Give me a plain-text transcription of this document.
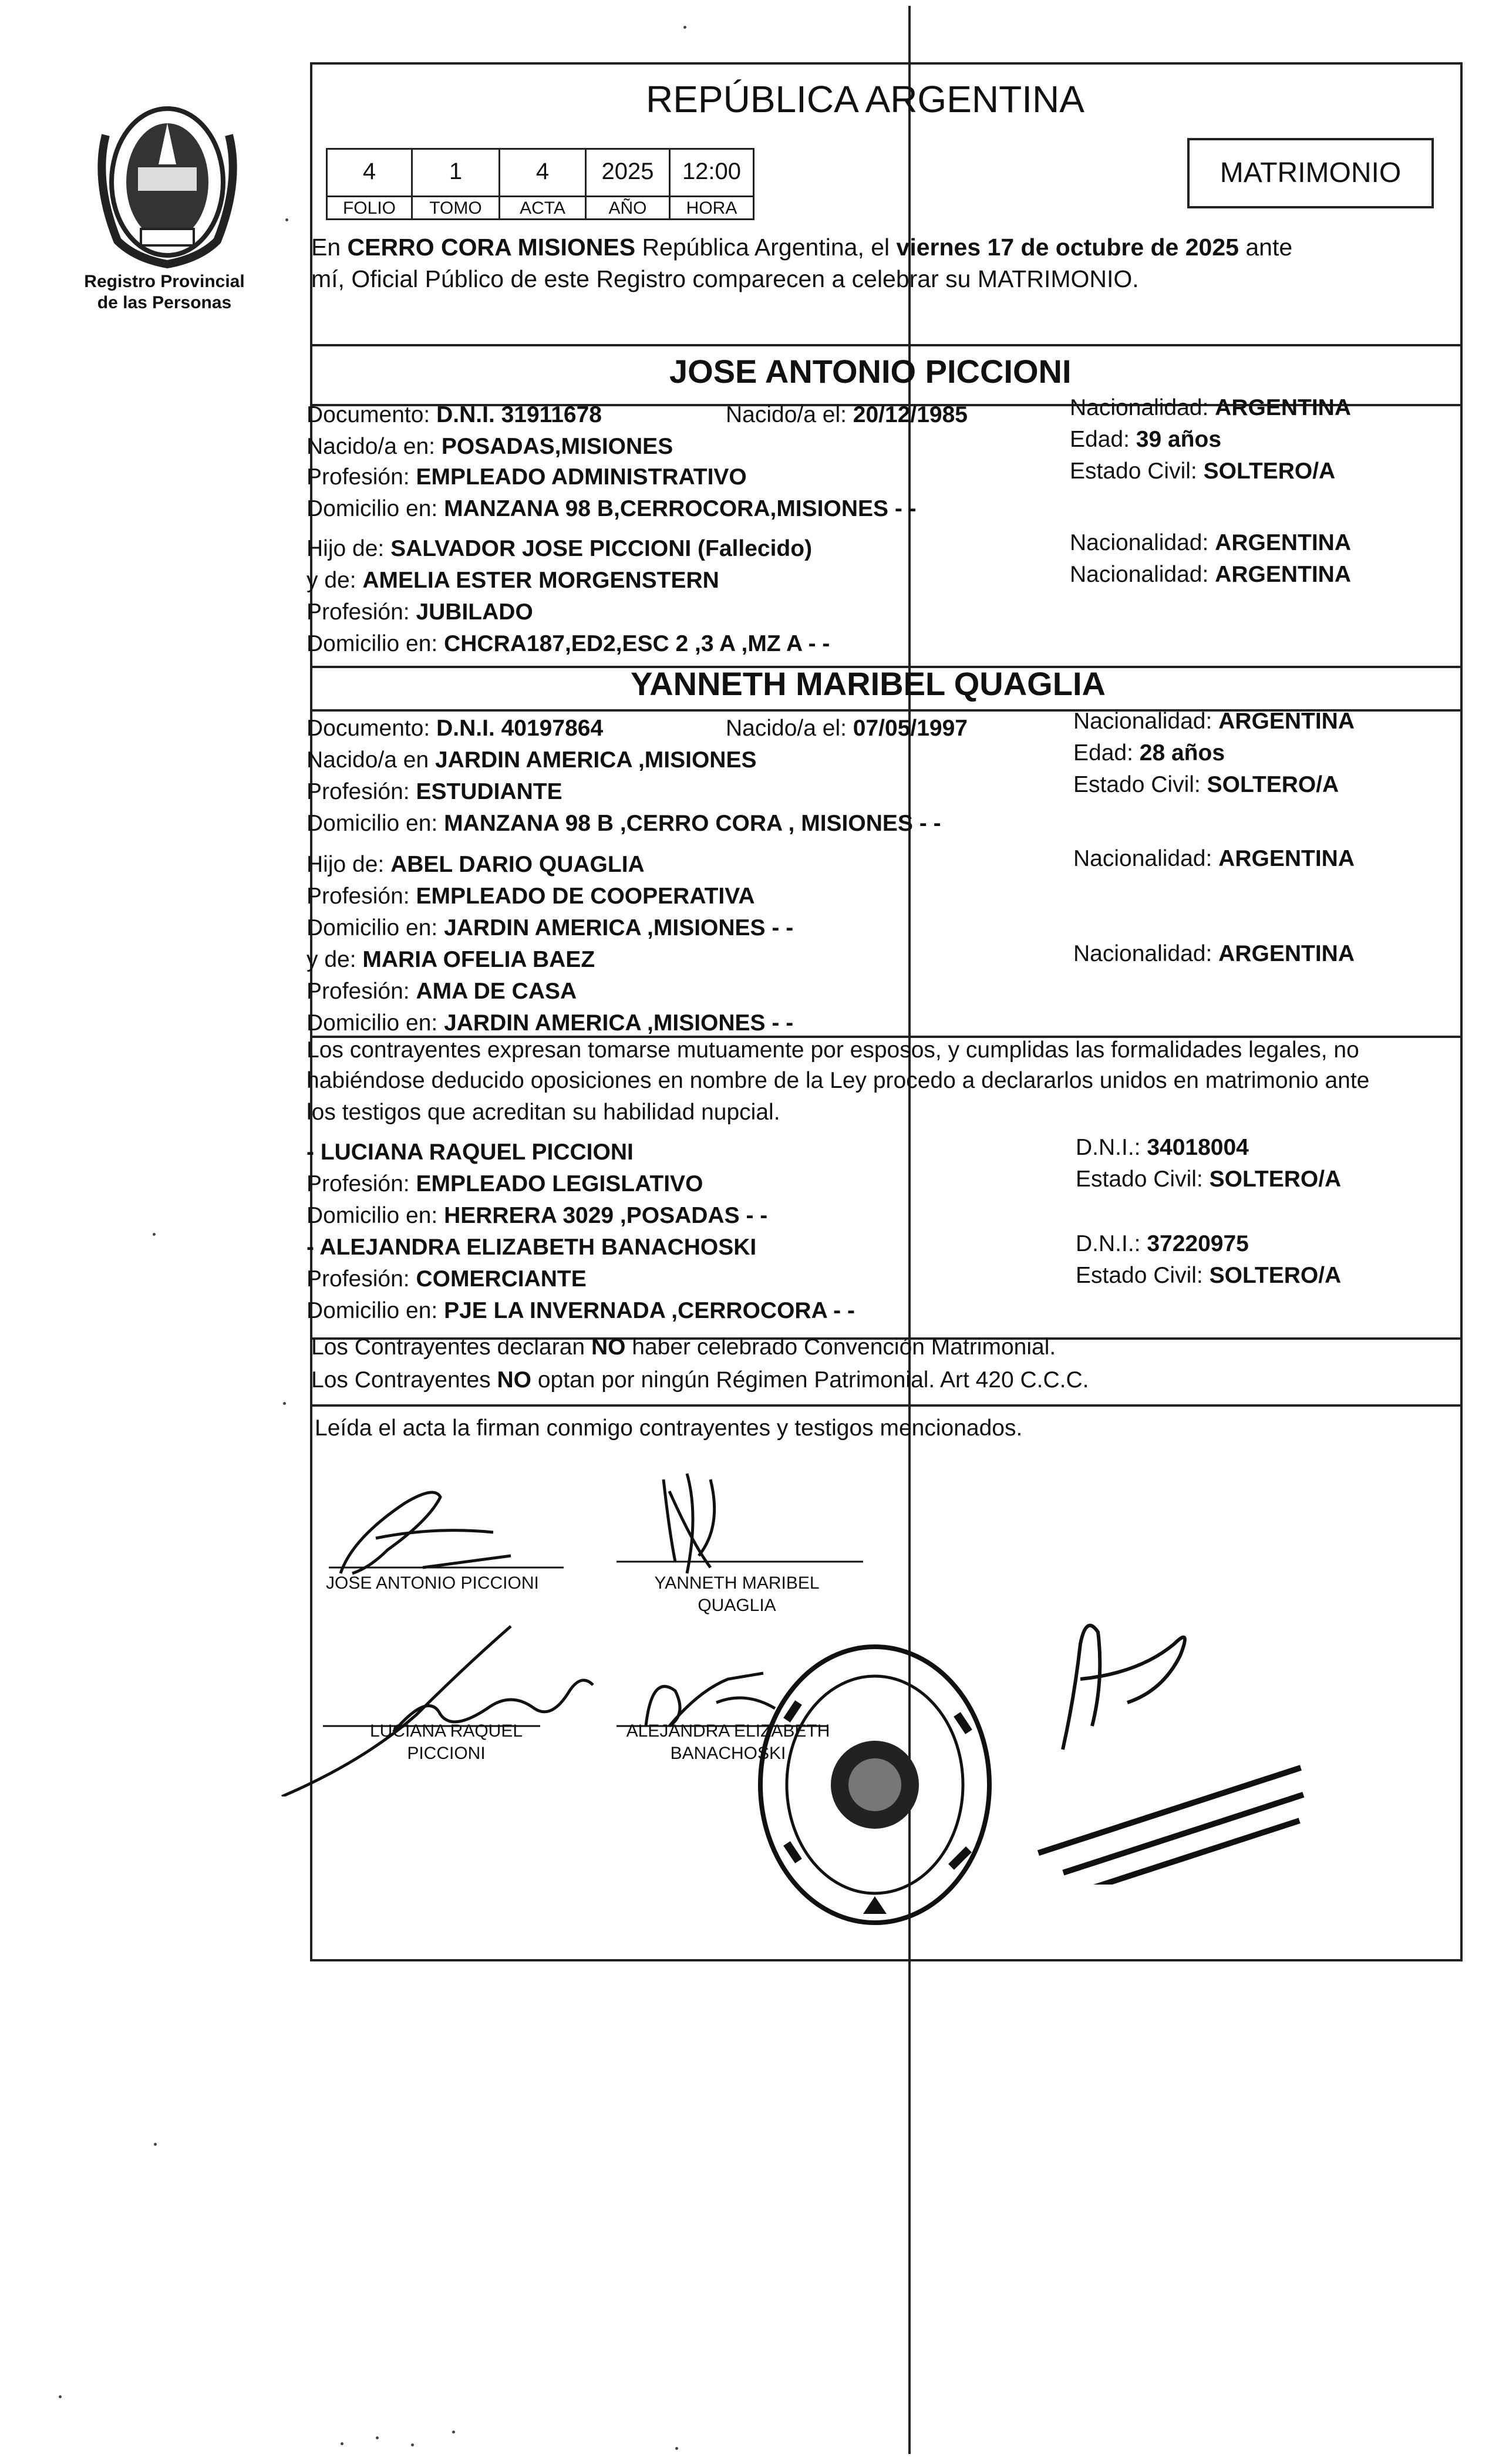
Registro Provincial
de las Personas
REPÚBLICA ARGENTINA
4	1	4	2025	12:00
FOLIO	TOMO	ACTA	AÑO	HORA
MATRIMONIO
En CERRO CORA MISIONES República Argentina, el viernes 17 de octubre de 2025 ante
mí, Oficial Público de este Registro comparecen a celebrar su MATRIMONIO.
JOSE ANTONIO PICCIONI
Documento: D.N.I. 31911678	Nacido/a el: 20/12/1985	Nacionalidad: ARGENTINA
Nacido/a en: POSADAS,MISIONES	Edad: 39 años
Profesión: EMPLEADO ADMINISTRATIVO	Estado Civil: SOLTERO/A
Domicilio en: MANZANA 98 B,CERROCORA,MISIONES - -
Hijo de: SALVADOR JOSE PICCIONI (Fallecido)	Nacionalidad: ARGENTINA
y de: AMELIA ESTER MORGENSTERN	Nacionalidad: ARGENTINA
Profesión: JUBILADO
Domicilio en: CHCRA187,ED2,ESC 2 ,3 A ,MZ A - -
YANNETH MARIBEL QUAGLIA
Documento: D.N.I. 40197864	Nacido/a el: 07/05/1997	Nacionalidad: ARGENTINA
Nacido/a en JARDIN AMERICA ,MISIONES	Edad: 28 años
Profesión: ESTUDIANTE	Estado Civil: SOLTERO/A
Domicilio en: MANZANA 98 B ,CERRO CORA , MISIONES - -
Hijo de: ABEL DARIO QUAGLIA	Nacionalidad: ARGENTINA
Profesión: EMPLEADO DE COOPERATIVA
Domicilio en: JARDIN AMERICA ,MISIONES - -
y de: MARIA OFELIA BAEZ	Nacionalidad: ARGENTINA
Profesión: AMA DE CASA
Domicilio en: JARDIN AMERICA ,MISIONES - -
Los contrayentes expresan tomarse mutuamente por esposos, y cumplidas las formalidades legales, no
habiéndose deducido oposiciones en nombre de la Ley procedo a declararlos unidos en matrimonio ante
los testigos que acreditan su habilidad nupcial.
- LUCIANA RAQUEL PICCIONI	D.N.I.: 34018004
Profesión: EMPLEADO LEGISLATIVO	Estado Civil: SOLTERO/A
Domicilio en: HERRERA 3029 ,POSADAS - -
- ALEJANDRA ELIZABETH BANACHOSKI	D.N.I.: 37220975
Profesión: COMERCIANTE	Estado Civil: SOLTERO/A
Domicilio en: PJE LA INVERNADA ,CERROCORA - -
Los Contrayentes declaran NO haber celebrado Convención Matrimonial.
Los Contrayentes NO optan por ningún Régimen Patrimonial. Art 420 C.C.C.
Leída el acta la firman conmigo contrayentes y testigos mencionados.
JOSE ANTONIO PICCIONI	YANNETH MARIBEL
QUAGLIA
LUCIANA RAQUEL
PICCIONI
ALEJANDRA ELIZABETH
BANACHOSKI
